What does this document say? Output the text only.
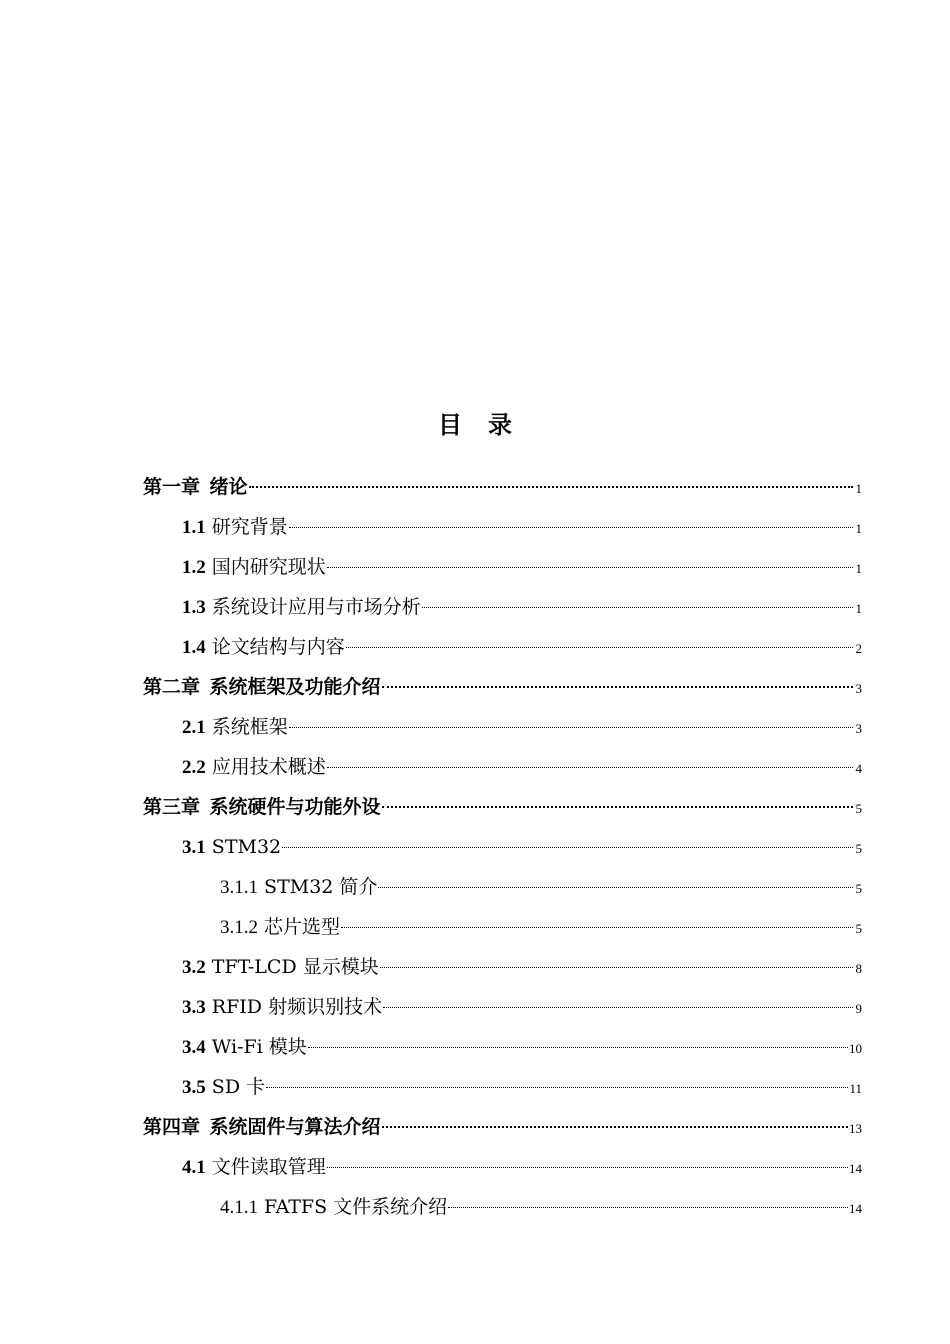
目 录
第一章  绪论	1
1.1 研究背景	1
1.2 国内研究现状	1
1.3 系统设计应用与市场分析	1
1.4 论文结构与内容	2
第二章  系统框架及功能介绍	3
2.1 系统框架	3
2.2 应用技术概述	4
第三章  系统硬件与功能外设	5
3.1 STM32	5
3.1.1 STM32 简介	5
3.1.2 芯片选型	5
3.2 TFT-LCD 显示模块	8
3.3 RFID 射频识别技术	9
3.4 Wi-Fi 模块	10
3.5 SD 卡	11
第四章  系统固件与算法介绍	13
4.1 文件读取管理	14
4.1.1 FATFS 文件系统介绍	14
